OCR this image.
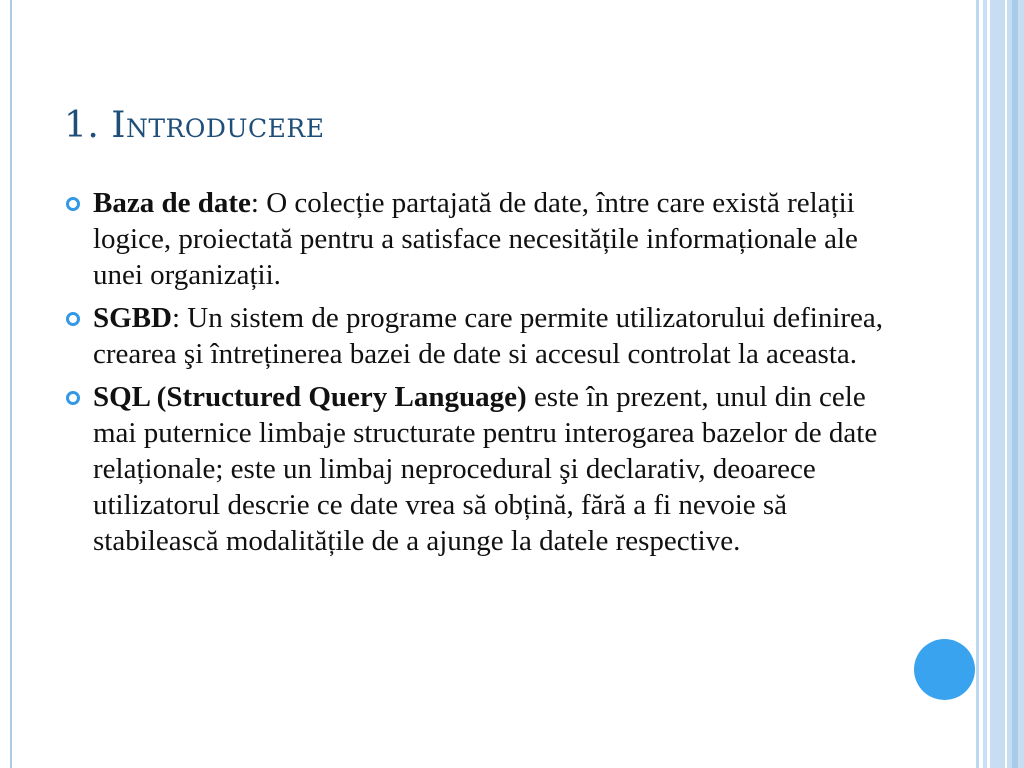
1. Introducere
Baza de date: O colecție partajată de date, între care există relații logice, proiectată pentru a satisface necesitățile informaționale ale unei organizații.
SGBD: Un sistem de programe care permite utilizatorului definirea, crearea şi întreținerea bazei de date si accesul controlat la aceasta.
SQL (Structured Query Language) este în prezent, unul din cele mai puternice limbaje structurate pentru interogarea bazelor de date relaționale; este un limbaj neprocedural şi declarativ, deoarece utilizatorul descrie ce date vrea să obțină, fără a fi nevoie să stabilească modalitățile de a ajunge la datele respective.
